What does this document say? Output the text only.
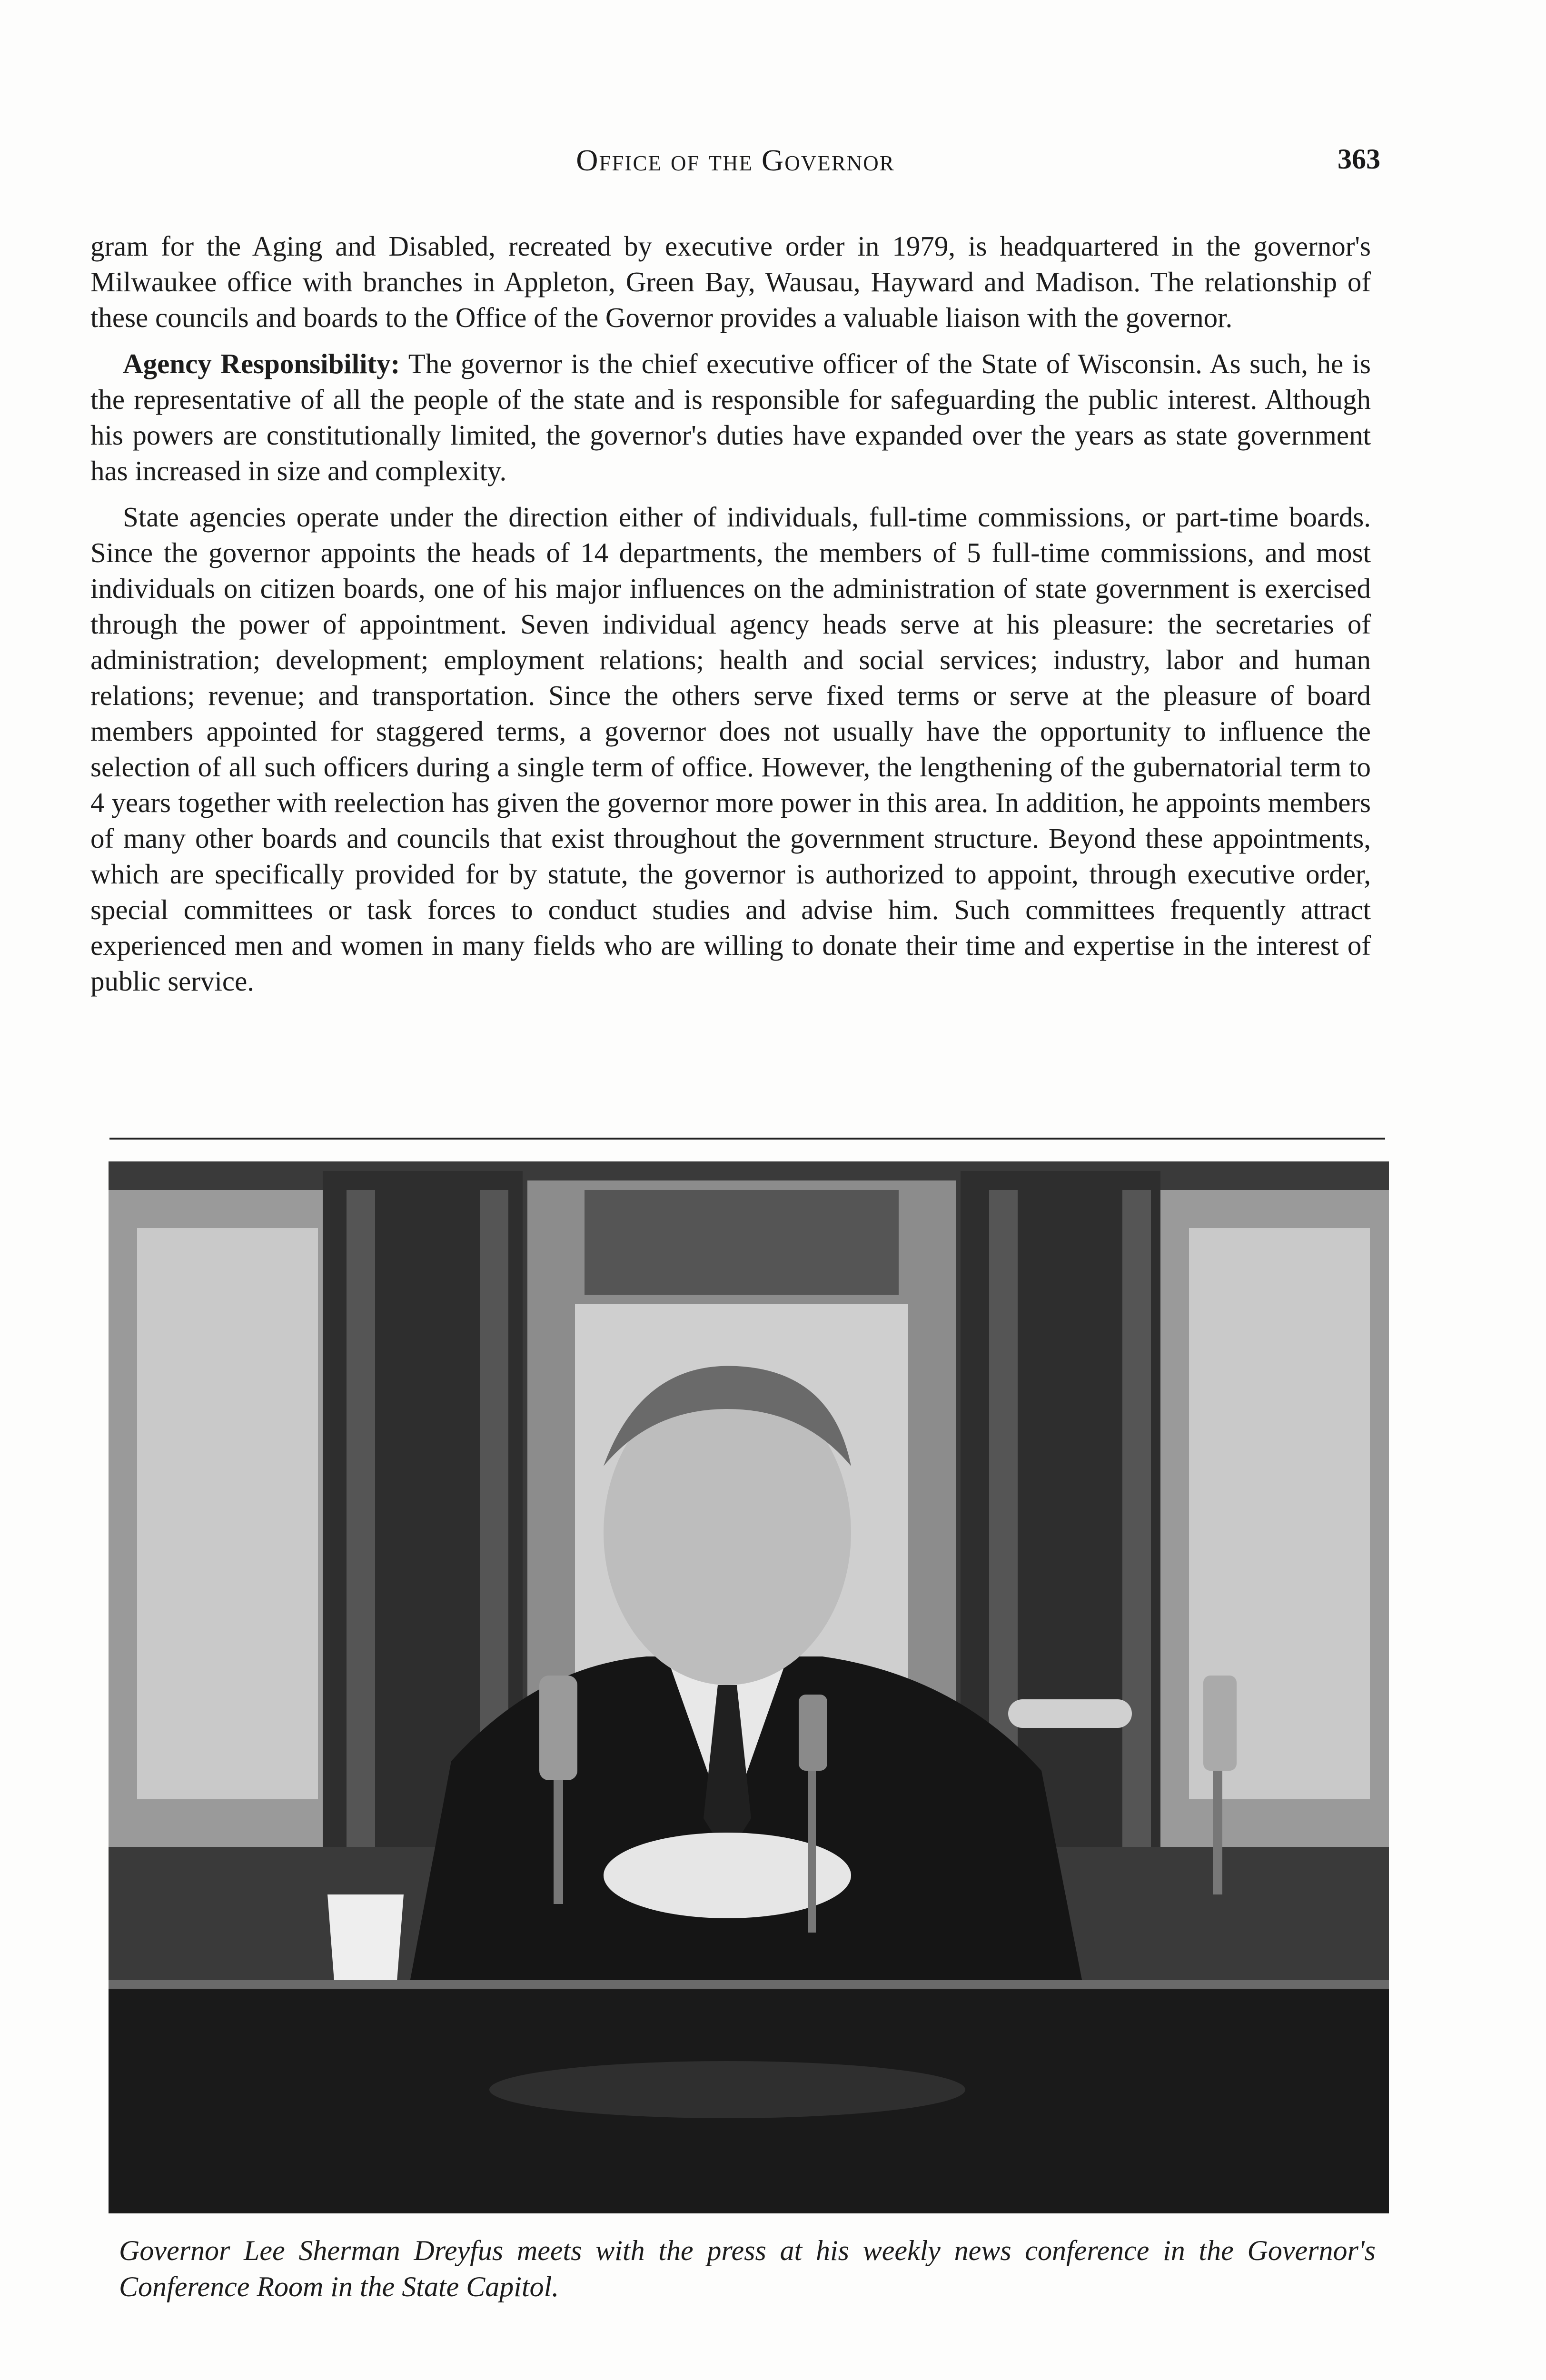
Office of the Governor	363

gram for the Aging and Disabled, recreated by executive order in 1979, is headquartered in the governor's Milwaukee office with branches in Appleton, Green Bay, Wausau, Hayward and Madison. The relationship of these councils and boards to the Office of the Governor provides a valuable liaison with the governor.

Agency Responsibility: The governor is the chief executive officer of the State of Wisconsin. As such, he is the representative of all the people of the state and is responsible for safeguarding the public interest. Although his powers are constitutionally limited, the governor's duties have expanded over the years as state government has increased in size and complexity.

State agencies operate under the direction either of individuals, full-time commissions, or part-time boards. Since the governor appoints the heads of 14 departments, the members of 5 full-time commissions, and most individuals on citizen boards, one of his major influences on the administration of state government is exercised through the power of appointment. Seven individual agency heads serve at his pleasure: the secretaries of administration; development; employment relations; health and social services; industry, labor and human relations; revenue; and transportation. Since the others serve fixed terms or serve at the pleasure of board members appointed for staggered terms, a governor does not usually have the opportunity to influence the selection of all such officers during a single term of office. However, the lengthening of the gubernatorial term to 4 years together with reelection has given the governor more power in this area. In addition, he appoints members of many other boards and councils that exist throughout the government structure. Beyond these appointments, which are specifically provided for by statute, the governor is authorized to appoint, through executive order, special committees or task forces to conduct studies and advise him. Such committees frequently attract experienced men and women in many fields who are willing to donate their time and expertise in the interest of public service.

Governor Lee Sherman Dreyfus meets with the press at his weekly news conference in the Governor's Conference Room in the State Capitol.
